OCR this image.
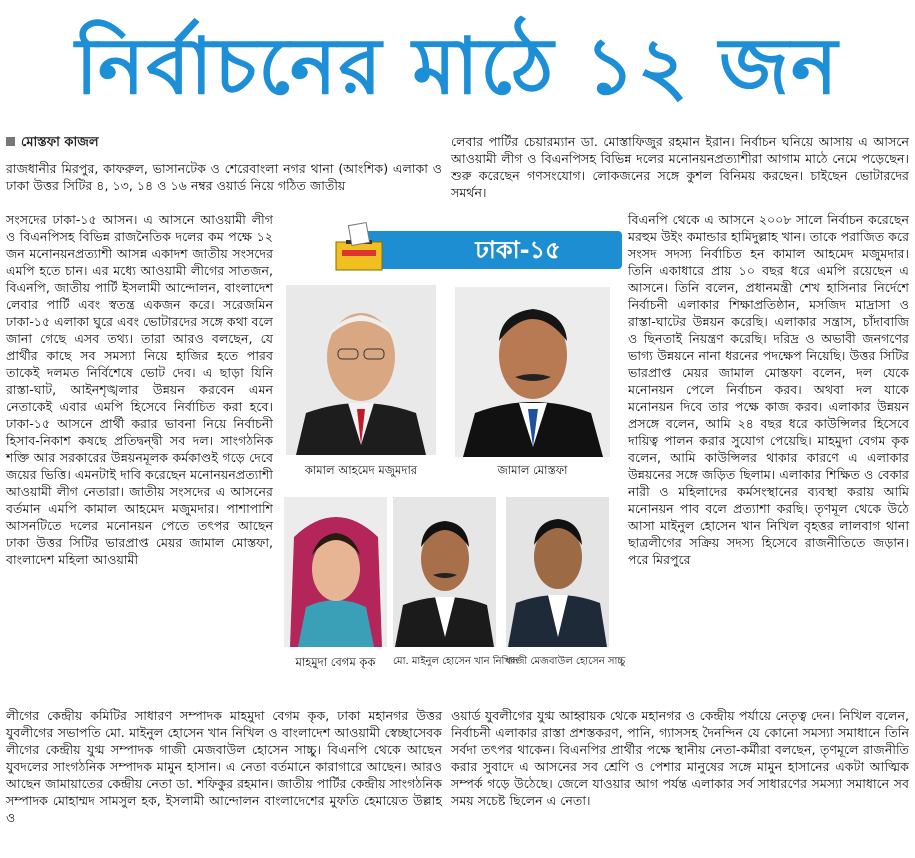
নির্বাচনের মাঠে ১২ জন
মোস্তফা কাজল
রাজধানীর মিরপুর, কাফরুল, ভাসানটেক ও শেরেবাংলা নগর থানা (আংশিক) এলাকা ও ঢাকা উত্তর সিটির ৪, ১৩, ১৪ ও ১৬ নম্বর ওয়ার্ড নিয়ে গঠিত জাতীয়
সংসদের ঢাকা-১৫ আসন। এ আসনে আওয়ামী লীগ ও বিএনপিসহ বিভিন্ন রাজনৈতিক দলের কম পক্ষে ১২ জন মনোনয়নপ্রত্যাশী আসন্ন একাদশ জাতীয় সংসদের এমপি হতে চান। এর মধ্যে আওয়ামী লীগের সাতজন, বিএনপি, জাতীয় পার্টি ইসলামী আন্দোলন, বাংলাদেশ লেবার পার্টি এবং স্বতন্ত্র একজন করে। সরেজমিন ঢাকা-১৫ এলাকা ঘুরে এবং ভোটারদের সঙ্গে কথা বলে জানা গেছে এসব তথ্য। তারা আরও বলছেন, যে প্রার্থীর কাছে সব সমস্যা নিয়ে হাজির হতে পারব তাকেই দলমত নির্বিশেষে ভোট দেব। এ ছাড়া যিনি রাস্তা-ঘাট, আইনশৃঙ্খলার উন্নয়ন করবেন এমন নেতাকেই এবার এমপি হিসেবে নির্বাচিত করা হবে। ঢাকা-১৫ আসনে প্রার্থী করার ভাবনা নিয়ে নির্বাচনী হিসাব-নিকাশ কষছে প্রতিদ্বন্দ্বী সব দল। সাংগঠনিক শক্তি আর সরকারের উন্নয়নমূলক কর্মকাণ্ডই গড়ে দেবে জয়ের ভিত্তি। এমনটাই দাবি করেছেন মনোনয়নপ্রত্যাশী আওয়ামী লীগ নেতারা। জাতীয় সংসদের এ আসনের বর্তমান এমপি কামাল আহমেদ মজুমদার। পাশাপাশি আসনটিতে দলের মনোনয়ন পেতে তৎপর আছেন ঢাকা উত্তর সিটির ভারপ্রাপ্ত মেয়র জামাল মোস্তফা, বাংলাদেশ মহিলা আওয়ামী
লীগের কেন্দ্রীয় কমিটির সাধারণ সম্পাদক মাহমুদা বেগম কৃক, ঢাকা মহানগর উত্তর যুবলীগের সভাপতি মো. মাইনুল হোসেন খান নিখিল ও বাংলাদেশ আওয়ামী স্বেচ্ছাসেবক লীগের কেন্দ্রীয় যুগ্ম সম্পাদক গাজী মেজবাউল হোসেন সাচ্চু। বিএনপি থেকে আছেন যুবদলের সাংগঠনিক সম্পাদক মামুন হাসান। এ নেতা বর্তমানে কারাগারে আছেন। আরও আছেন জামায়াতের কেন্দ্রীয় নেতা ডা. শফিকুর রহমান। জাতীয় পার্টির কেন্দ্রীয় সাংগঠনিক সম্পাদক মোহাম্মদ সামসুল হক, ইসলামী আন্দোলন বাংলাদেশের মুফতি হেমায়েত উল্লাহ ও
লেবার পার্টির চেয়ারম্যান ডা. মোস্তাফিজুর রহমান ইরান। নির্বাচন ঘনিয়ে আসায় এ আসনে আওয়ামী লীগ ও বিএনপিসহ বিভিন্ন দলের মনোনয়নপ্রত্যাশীরা আগাম মাঠে নেমে পড়েছেন। শুরু করেছেন গণসংযোগ। লোকজনের সঙ্গে কুশল বিনিময় করছেন। চাইছেন ভোটারদের সমর্থন।
বিএনপি থেকে এ আসনে ২০০৮ সালে নির্বাচন করেছেন মরহুম উইং কমান্ডার হামিদুল্লাহ খান। তাকে পরাজিত করে সংসদ সদস্য নির্বাচিত হন কামাল আহমেদ মজুমদার। তিনি একাধারে প্রায় ১০ বছর ধরে এমপি রয়েছেন এ আসনে। তিনি বলেন, প্রধানমন্ত্রী শেখ হাসিনার নির্দেশে নির্বাচনী এলাকার শিক্ষাপ্রতিষ্ঠান, মসজিদ মাদ্রাসা ও রাস্তা-ঘাটের উন্নয়ন করেছি। এলাকার সন্ত্রাস, চাঁদাবাজি ও ছিনতাই নিয়ন্ত্রণ করেছি। দরিদ্র ও অভাবী জনগণের ভাগ্য উন্নয়নে নানা ধরনের পদক্ষেপ নিয়েছি। উত্তর সিটির ভারপ্রাপ্ত মেয়র জামাল মোস্তফা বলেন, দল যেকে মনোনয়ন পেলে নির্বাচন করব। অথবা দল যাকে মনোনয়ন দিবে তার পক্ষে কাজ করব। এলাকার উন্নয়ন প্রসঙ্গে বলেন, আমি ২৪ বছর ধরে কাউন্সিলর হিসেবে দায়িত্ব পালন করার সুযোগ পেয়েছি। মাহমুদা বেগম কৃক বলেন, আমি কাউন্সিলর থাকার কারণে এ এলাকার উন্নয়নের সঙ্গে জড়িত ছিলাম। এলাকার শিক্ষিত ও বেকার নারী ও মহিলাদের কর্মসংস্থানের ব্যবস্থা করায় আমি মনোনয়ন পাব বলে প্রত্যাশা করছি। তৃণমূল থেকে উঠে আসা মাইনুল হোসেন খান নিখিল বৃহত্তর লালবাগ থানা ছাত্রলীগের সক্রিয় সদস্য হিসেবে রাজনীতিতে জড়ান। পরে মিরপুরে
ওয়ার্ড যুবলীগের যুগ্ম আহ্বায়ক থেকে মহানগর ও কেন্দ্রীয় পর্যায়ে নেতৃত্ব দেন। নিখিল বলেন, নির্বাচনী এলাকার রাস্তা প্রশস্তকরণ, পানি, গ্যাসসহ দৈনন্দিন যে কোনো সমস্যা সমাধানে তিনি সর্বদা তৎপর থাকেন। বিএনপির প্রার্থীর পক্ষে স্থানীয় নেতা-কর্মীরা বলছেন, তৃণমূলে রাজনীতি করার সুবাদে এ আসনের সব শ্রেণি ও পেশার মানুষের সঙ্গে মামুন হাসানের একটা আত্মিক সম্পর্ক গড়ে উঠেছে। জেলে যাওয়ার আগ পর্যন্ত এলাকার সর্ব সাধারণের সমস্যা সমাধানে সব সময় সচেষ্ট ছিলেন এ নেতা।
ঢাকা-১৫
কামাল আহমেদ মজুমদার	জামাল মোস্তফা
মাহমুদা বেগম কৃক	মো. মাইনুল হোসেন খান নিখিল
গাজী মেজবাউল হোসেন সাচ্চু
